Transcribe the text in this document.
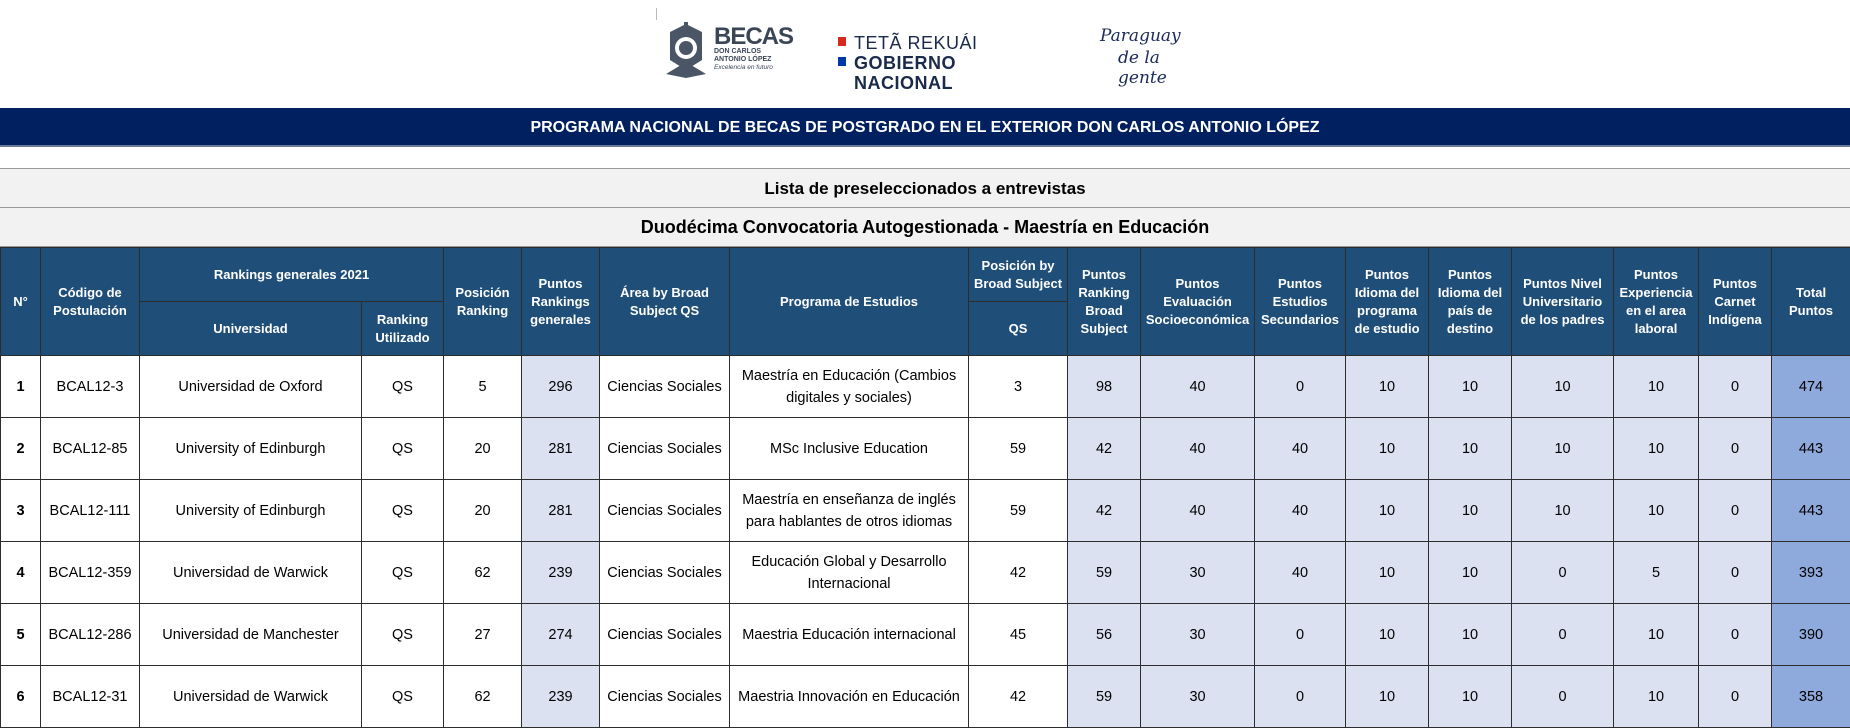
BECAS
DON CARLOS
ANTONIO LÓPEZ
Excelencia en futuro
TETÃ REKUÁI
GOBIERNO NACIONAL
Paraguay
de la gente
PROGRAMA NACIONAL DE BECAS DE POSTGRADO EN EL EXTERIOR DON CARLOS ANTONIO LÓPEZ
Lista de preseleccionados a entrevistas
Duodécima Convocatoria Autogestionada - Maestría en Educación
N°	Código de Postulación	Rankings generales 2021		Posición Ranking	Puntos Rankings generales	Área by Broad Subject QS	Programa de Estudios	Posición by Broad Subject	Puntos Ranking Broad Subject	Puntos Evaluación Socioeconómica	Puntos Estudios Secundarios	Puntos Idioma del programa de estudio	Puntos Idioma del país de destino	Puntos Nivel Universitario de los padres	Puntos Experiencia en el area laboral	Puntos Carnet Indígena	Total Puntos
		Universidad	Ranking Utilizado					QS									
1	BCAL12-3	Universidad de Oxford	QS	5	296	Ciencias Sociales	Maestría en Educación (Cambios digitales y sociales)	3	98	40	0	10	10	10	10	0	474
2	BCAL12-85	University of Edinburgh	QS	20	281	Ciencias Sociales	MSc Inclusive Education	59	42	40	40	10	10	10	10	0	443
3	BCAL12-111	University of Edinburgh	QS	20	281	Ciencias Sociales	Maestría en enseñanza de inglés para hablantes de otros idiomas	59	42	40	40	10	10	10	10	0	443
4	BCAL12-359	Universidad de Warwick	QS	62	239	Ciencias Sociales	Educación Global y Desarrollo Internacional	42	59	30	40	10	10	0	5	0	393
5	BCAL12-286	Universidad de Manchester	QS	27	274	Ciencias Sociales	Maestria Educación internacional	45	56	30	0	10	10	0	10	0	390
6	BCAL12-31	Universidad de Warwick	QS	62	239	Ciencias Sociales	Maestria Innovación en Educación	42	59	30	0	10	10	0	10	0	358
